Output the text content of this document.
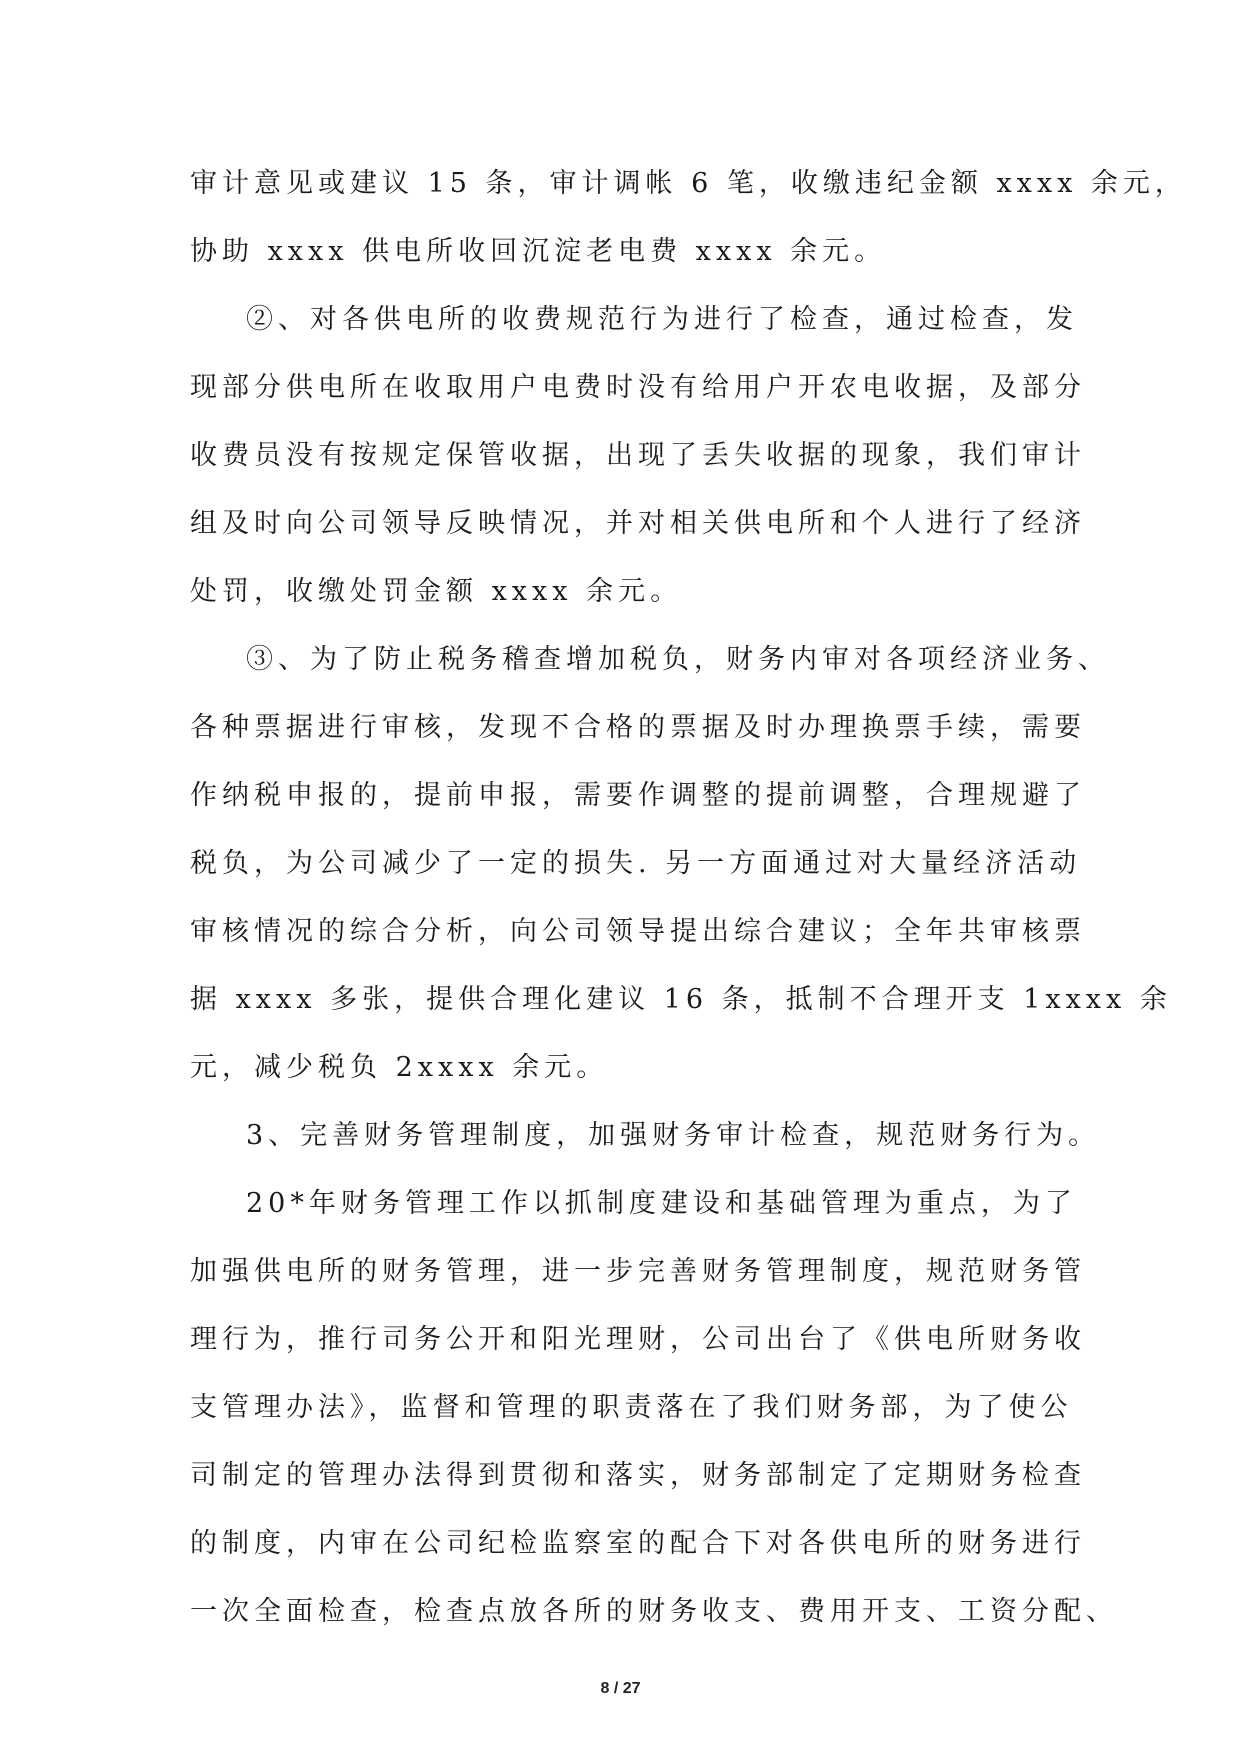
审计意见或建议 15 条，审计调帐 6 笔，收缴违纪金额 xxxx 余元，
协助 xxxx 供电所收回沉淀老电费 xxxx 余元。
②、对各供电所的收费规范行为进行了检查，通过检查，发
现部分供电所在收取用户电费时没有给用户开农电收据，及部分
收费员没有按规定保管收据，出现了丢失收据的现象，我们审计
组及时向公司领导反映情况，并对相关供电所和个人进行了经济
处罚，收缴处罚金额 xxxx 余元。
③、为了防止税务稽查增加税负，财务内审对各项经济业务、
各种票据进行审核，发现不合格的票据及时办理换票手续，需要
作纳税申报的，提前申报，需要作调整的提前调整，合理规避了
税负，为公司减少了一定的损失. 另一方面通过对大量经济活动
审核情况的综合分析，向公司领导提出综合建议；全年共审核票
据 xxxx 多张，提供合理化建议 16 条，抵制不合理开支 1xxxx 余
元，减少税负 2xxxx 余元。
3、完善财务管理制度，加强财务审计检查，规范财务行为。
20*年财务管理工作以抓制度建设和基础管理为重点，为了
加强供电所的财务管理，进一步完善财务管理制度，规范财务管
理行为，推行司务公开和阳光理财，公司出台了《供电所财务收
支管理办法》，监督和管理的职责落在了我们财务部，为了使公
司制定的管理办法得到贯彻和落实，财务部制定了定期财务检查
的制度，内审在公司纪检监察室的配合下对各供电所的财务进行
一次全面检查，检查点放各所的财务收支、费用开支、工资分配、
8 / 27
